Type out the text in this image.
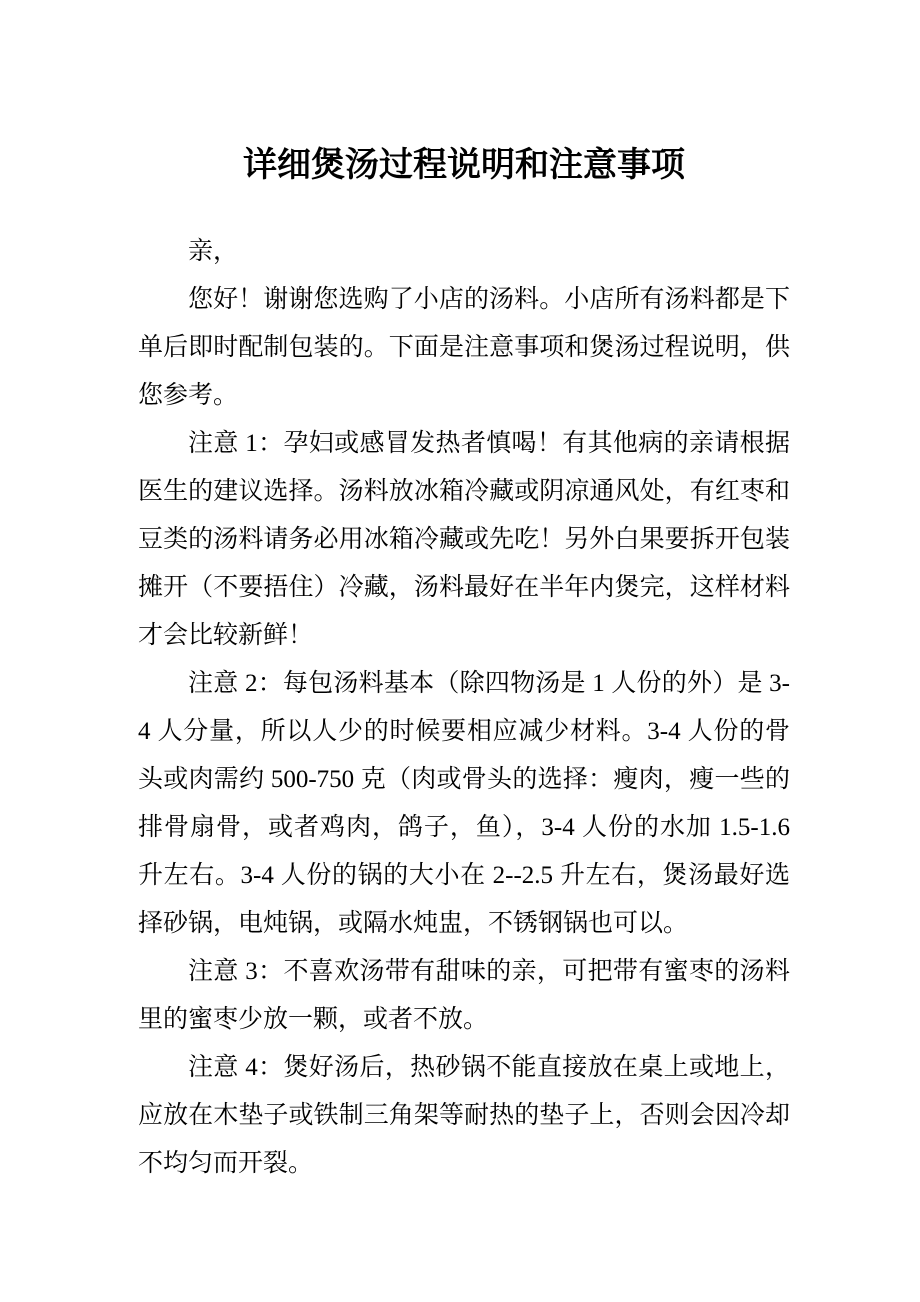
详细煲汤过程说明和注意事项

亲，

您好！谢谢您选购了小店的汤料。小店所有汤料都是下单后即时配制包装的。下面是注意事项和煲汤过程说明，供您参考。

注意 1：孕妇或感冒发热者慎喝！有其他病的亲请根据医生的建议选择。汤料放冰箱冷藏或阴凉通风处，有红枣和豆类的汤料请务必用冰箱冷藏或先吃！另外白果要拆开包装摊开（不要捂住）冷藏，汤料最好在半年内煲完，这样材料才会比较新鲜！

注意 2：每包汤料基本（除四物汤是 1 人份的外）是 3-4 人分量，所以人少的时候要相应减少材料。3-4 人份的骨头或肉需约 500-750 克（肉或骨头的选择：瘦肉，瘦一些的排骨扇骨，或者鸡肉，鸽子，鱼），3-4 人份的水加 1.5-1.6 升左右。3-4 人份的锅的大小在 2--2.5 升左右，煲汤最好选择砂锅，电炖锅，或隔水炖盅，不锈钢锅也可以。

注意 3：不喜欢汤带有甜味的亲，可把带有蜜枣的汤料里的蜜枣少放一颗，或者不放。

注意 4：煲好汤后，热砂锅不能直接放在桌上或地上，应放在木垫子或铁制三角架等耐热的垫子上，否则会因冷却不均匀而开裂。
